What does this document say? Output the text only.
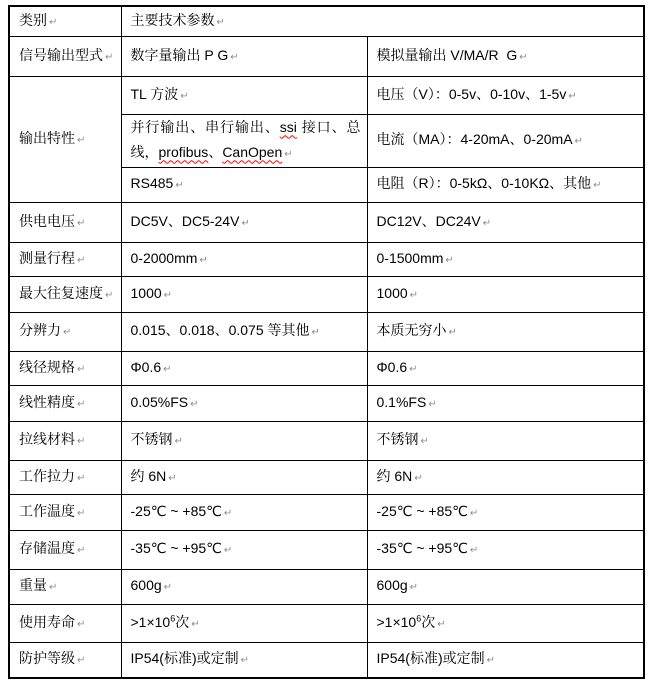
类别 ↵	主要技术参数 ↵	
信号输出型式 ↵	数字量输出 P G ↵	模拟量输出 V/MA/R  G ↵
输出特性 ↵	TL 方波 ↵	电压（V）：0-5v、0-10v、1-5v ↵
	并行输出、串行输出、ssi 接口、总线，profibus、CanOpen ↵	电流（MA）：4-20mA、0-20mA ↵
	RS485 ↵	电阻（R）：0-5kΩ、0-10KΩ、其他 ↵
供电电压 ↵	DC5V、DC5-24V ↵	DC12V、DC24V ↵
测量行程 ↵	0-2000mm ↵	0-1500mm ↵
最大往复速度 ↵	1000 ↵	1000 ↵
分辨力 ↵	0.015、0.018、0.075 等其他 ↵	本质无穷小 ↵
线径规格 ↵	Φ0.6 ↵	Φ0.6 ↵
线性精度 ↵	0.05%FS ↵	0.1%FS ↵
拉线材料 ↵	不锈钢 ↵	不锈钢 ↵
工作拉力 ↵	约 6N ↵	约 6N ↵
工作温度 ↵	-25℃ ~ +85℃ ↵	-25℃ ~ +85℃ ↵
存储温度 ↵	-35℃ ~ +95℃ ↵	-35℃ ~ +95℃ ↵
重量 ↵	600g ↵	600g ↵
使用寿命 ↵	$>1\times 10^6$次 ↵	$>1\times 10^6$次 ↵
防护等级 ↵	IP54(标准)或定制 ↵	IP54(标准)或定制 ↵
